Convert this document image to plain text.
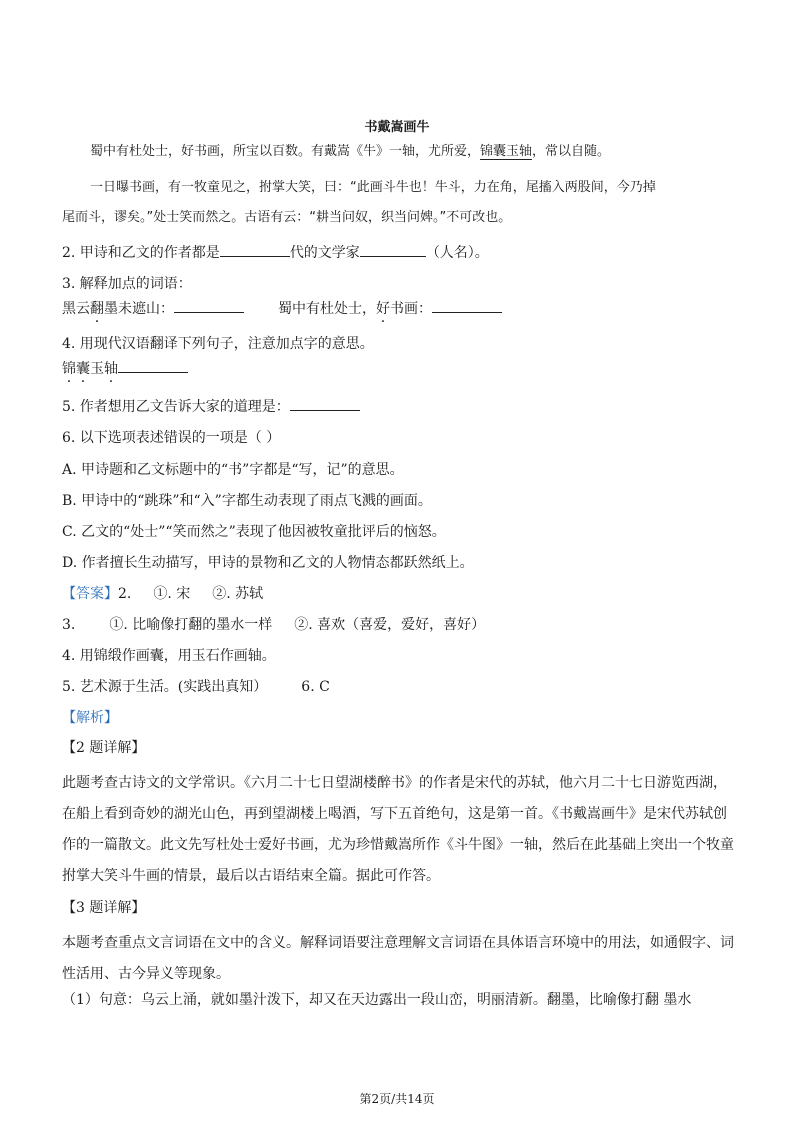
书戴嵩画牛
蜀中有杜处士，好书画，所宝以百数。有戴嵩《牛》一轴，尤所爱，锦囊玉轴，常以自随。
一日曝书画，有一牧童见之，拊掌大笑，曰：“此画斗牛也！牛斗，力在角，尾搐入两股间，今乃掉
尾而斗，谬矣。”处士笑而然之。古语有云：“耕当问奴，织当问婢。”不可改也。
2. 甲诗和乙文的作者都是	代的文学家	（人名）。
3. 解释加点的词语：
黑云翻墨未遮山：	蜀中有杜处士，好书画：
4. 用现代汉语翻译下列句子，注意加点字的意思。
锦囊玉轴
5. 作者想用乙文告诉大家的道理是：
6. 以下选项表述错误的一项是（ ）
A. 甲诗题和乙文标题中的“书”字都是“写，记”的意思。
B. 甲诗中的“跳珠”和“入”字都生动表现了雨点飞溅的画面。
C. 乙文的“处士”“笑而然之”表现了他因被牧童批评后的恼怒。
D. 作者擅长生动描写，甲诗的景物和乙文的人物情态都跃然纸上。
【答案】2. ①. 宋 ②. 苏轼
3. ①. 比喻像打翻的墨水一样 ②. 喜欢（喜爱，爱好，喜好）
4. 用锦缎作画囊，用玉石作画轴。
5. 艺术源于生活。(实践出真知） 6. C
【解析】
【2 题详解】
此题考查古诗文的文学常识。《六月二十七日望湖楼醉书》的作者是宋代的苏轼，他六月二十七日游览西湖，在船上看到奇妙的湖光山色，再到望湖楼上喝酒，写下五首绝句，这是第一首。《书戴嵩画牛》是宋代苏轼创作的一篇散文。此文先写杜处士爱好书画，尤为珍惜戴嵩所作《斗牛图》一轴，然后在此基础上突出一个牧童拊掌大笑斗牛画的情景，最后以古语结束全篇。据此可作答。
【3 题详解】
本题考查重点文言词语在文中的含义。解释词语要注意理解文言词语在具体语言环境中的用法，如通假字、词性活用、古今异义等现象。
（1）句意：乌云上涌，就如墨汁泼下，却又在天边露出一段山峦，明丽清新。翻墨，比喻像打翻 墨水
第2页/共14页
